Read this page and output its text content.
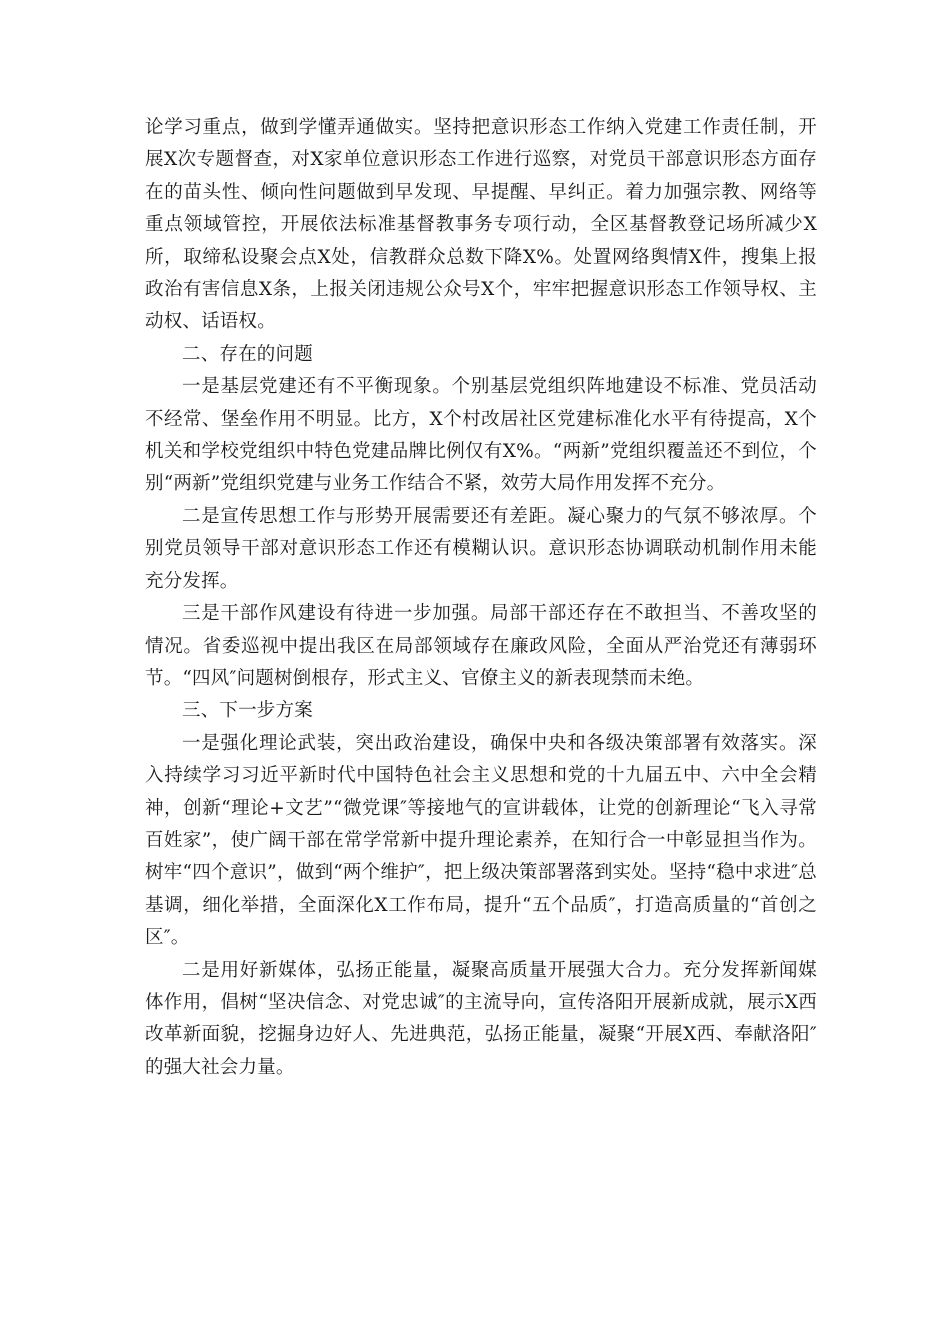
论学习重点，做到学懂弄通做实。坚持把意识形态工作纳入党建工作责任制，开展X次专题督查，对X家单位意识形态工作进行巡察，对党员干部意识形态方面存在的苗头性、倾向性问题做到早发现、早提醒、早纠正。着力加强宗教、网络等重点领域管控，开展依法标准基督教事务专项行动，全区基督教登记场所减少X所，取缔私设聚会点X处，信教群众总数下降X%。处置网络舆情X件，搜集上报政治有害信息X条，上报关闭违规公众号X个，牢牢把握意识形态工作领导权、主动权、话语权。

二、存在的问题

一是基层党建还有不平衡现象。个别基层党组织阵地建设不标准、党员活动不经常、堡垒作用不明显。比方，X个村改居社区党建标准化水平有待提高，X个机关和学校党组织中特色党建品牌比例仅有X%。“两新”党组织覆盖还不到位，个别“两新”党组织党建与业务工作结合不紧，效劳大局作用发挥不充分。

二是宣传思想工作与形势开展需要还有差距。凝心聚力的气氛不够浓厚。个别党员领导干部对意识形态工作还有模糊认识。意识形态协调联动机制作用未能充分发挥。

三是干部作风建设有待进一步加强。局部干部还存在不敢担当、不善攻坚的情况。省委巡视中提出我区在局部领域存在廉政风险，全面从严治党还有薄弱环节。“四风″问题树倒根存，形式主义、官僚主义的新表现禁而未绝。

三、下一步方案

一是强化理论武装，突出政治建设，确保中央和各级决策部署有效落实。深入持续学习习近平新时代中国特色社会主义思想和党的十九届五中、六中全会精神，创新“理论+文艺”“微党课″等接地气的宣讲载体，让党的创新理论“飞入寻常百姓家”，使广阔干部在常学常新中提升理论素养，在知行合一中彰显担当作为。树牢“四个意识”，做到“两个维护″，把上级决策部署落到实处。坚持“稳中求进″总基调，细化举措，全面深化X工作布局，提升“五个品质″，打造高质量的“首创之区″。

二是用好新媒体，弘扬正能量，凝聚高质量开展强大合力。充分发挥新闻媒体作用，倡树“坚决信念、对党忠诚″的主流导向，宣传洛阳开展新成就，展示X西改革新面貌，挖掘身边好人、先进典范，弘扬正能量，凝聚“开展X西、奉献洛阳″的强大社会力量。
